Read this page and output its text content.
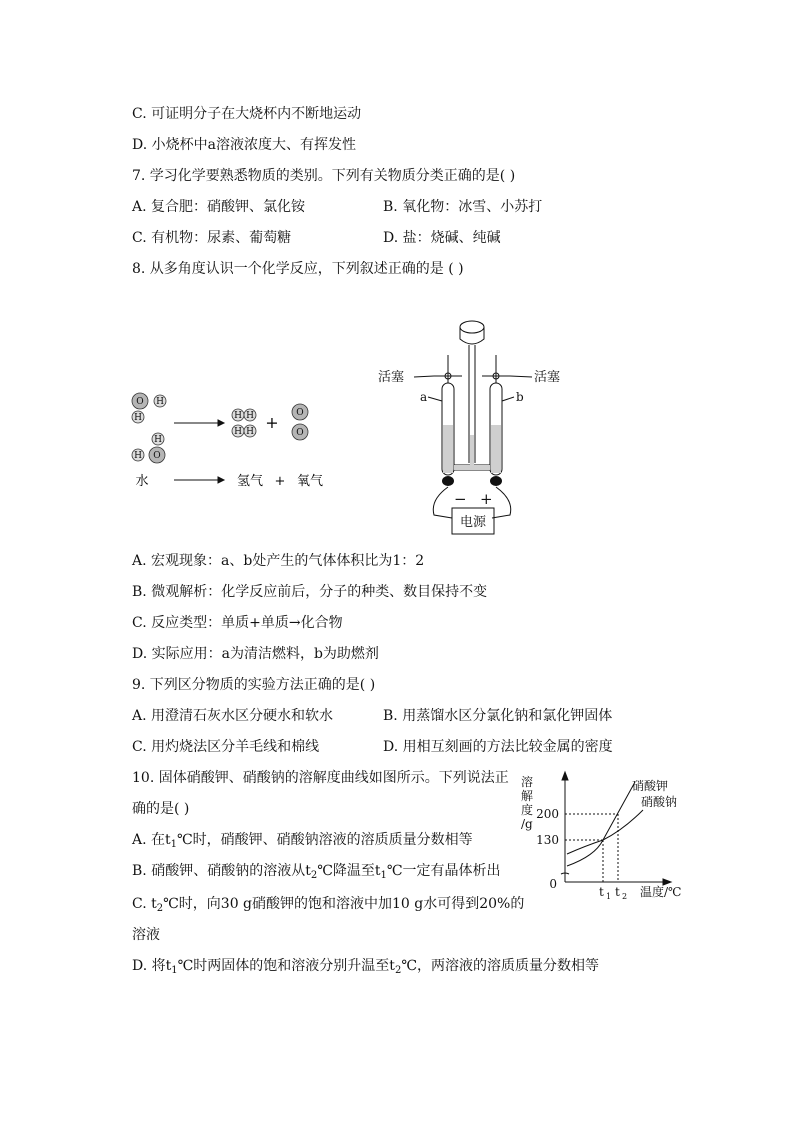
C. 可证明分子在大烧杯内不断地运动
D. 小烧杯中a溶液浓度大、有挥发性
7. 学习化学要熟悉物质的类别。下列有关物质分类正确的是( )
A. 复合肥：硝酸钾、氯化铵	B. 氧化物：冰雪、小苏打
C. 有机物：尿素、葡萄糖	D. 盐：烧碱、纯碱
8. 从多角度认识一个化学反应，下列叙述正确的是 ( )
O
H
H
H
H O
H H
H H
O
O
+
水	氢气 + 氧气
活塞	活塞
a	b
− +
电源
A. 宏观现象：a、b处产生的气体体积比为1：2
B. 微观解析：化学反应前后，分子的种类、数目保持不变
C. 反应类型：单质+单质→化合物
D. 实际应用：a为清洁燃料，b为助燃剂
9. 下列区分物质的实验方法正确的是( )
A. 用澄清石灰水区分硬水和软水	B. 用蒸馏水区分氯化钠和氯化钾固体
C. 用灼烧法区分羊毛线和棉线	D. 用相互刻画的方法比较金属的密度
10. 固体硝酸钾、硝酸钠的溶解度曲线如图所示。下列说法正
确的是( )
A. 在$t_1℃$时，硝酸钾、硝酸钠溶液的溶质质量分数相等
B. 硝酸钾、硝酸钠的溶液从$t_2℃$降温至$t_1℃$一定有晶体析出
C. $t_2℃$时，向30 g硝酸钾的饱和溶液中加10 g水可得到20%的
溶液
D. 将$t_1℃$时两固体的饱和溶液分别升温至$t_2℃$，两溶液的溶质质量分数相等
溶
解
度
/g
200
130
0
t 1 t 2 温度/℃
硝酸钾
硝酸钠
